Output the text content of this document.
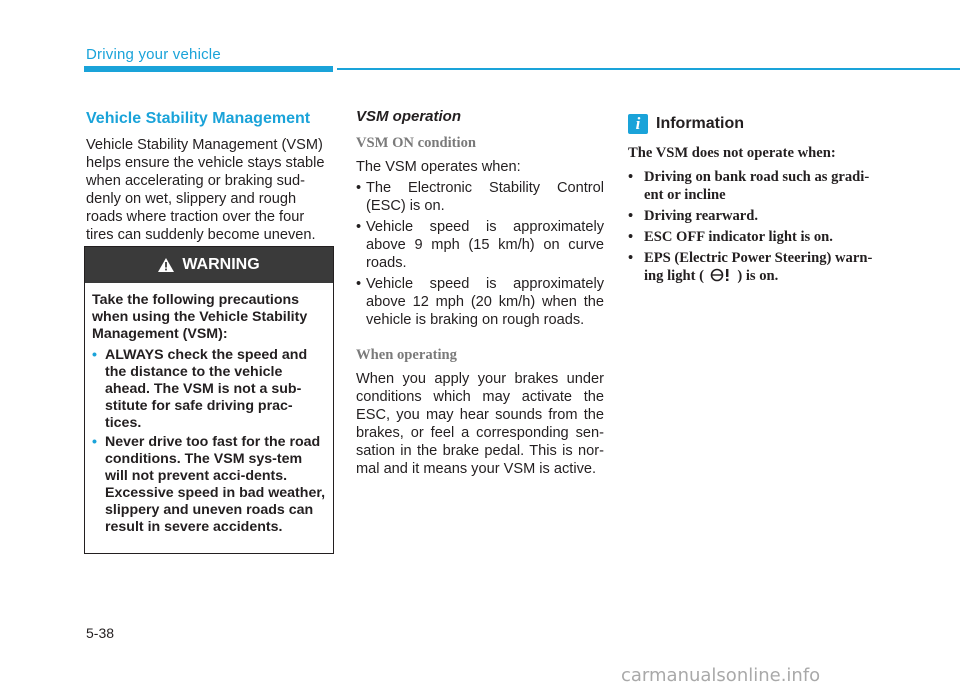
Driving your vehicle
Vehicle Stability Management

Vehicle Stability Management (VSM)
helps ensure the vehicle stays stable
when accelerating or braking sud-
denly on wet, slippery and rough
roads where traction over the four
tires can suddenly become uneven.

WARNING

Take the following precautions when using the Vehicle Stability Management (VSM):

• ALWAYS check the speed and the distance to the vehicle ahead. The VSM is not a sub-stitute for safe driving prac-tices.
• Never drive too fast for the road conditions. The VSM sys-tem will not prevent acci-dents. Excessive speed in bad weather, slippery and uneven roads can result in severe accidents.
VSM operation
VSM ON condition

The VSM operates when:

• The Electronic Stability Control (ESC) is on.
• Vehicle speed is approximately above 9 mph (15 km/h) on curve roads.
• Vehicle speed is approximately above 12 mph (20 km/h) when the vehicle is braking on rough roads.
When operating

When you apply your brakes under conditions which may activate the ESC, you may hear sounds from the brakes, or feel a corresponding sen-sation in the brake pedal. This is nor-mal and it means your VSM is active.

i Information

The VSM does not operate when:

• Driving on bank road such as gradi-ent or incline
• Driving rearward.
• ESC OFF indicator light is on.
• EPS (Electric Power Steering) warn-ing light ( ) is on.
5-38
carmanualsonline.info
